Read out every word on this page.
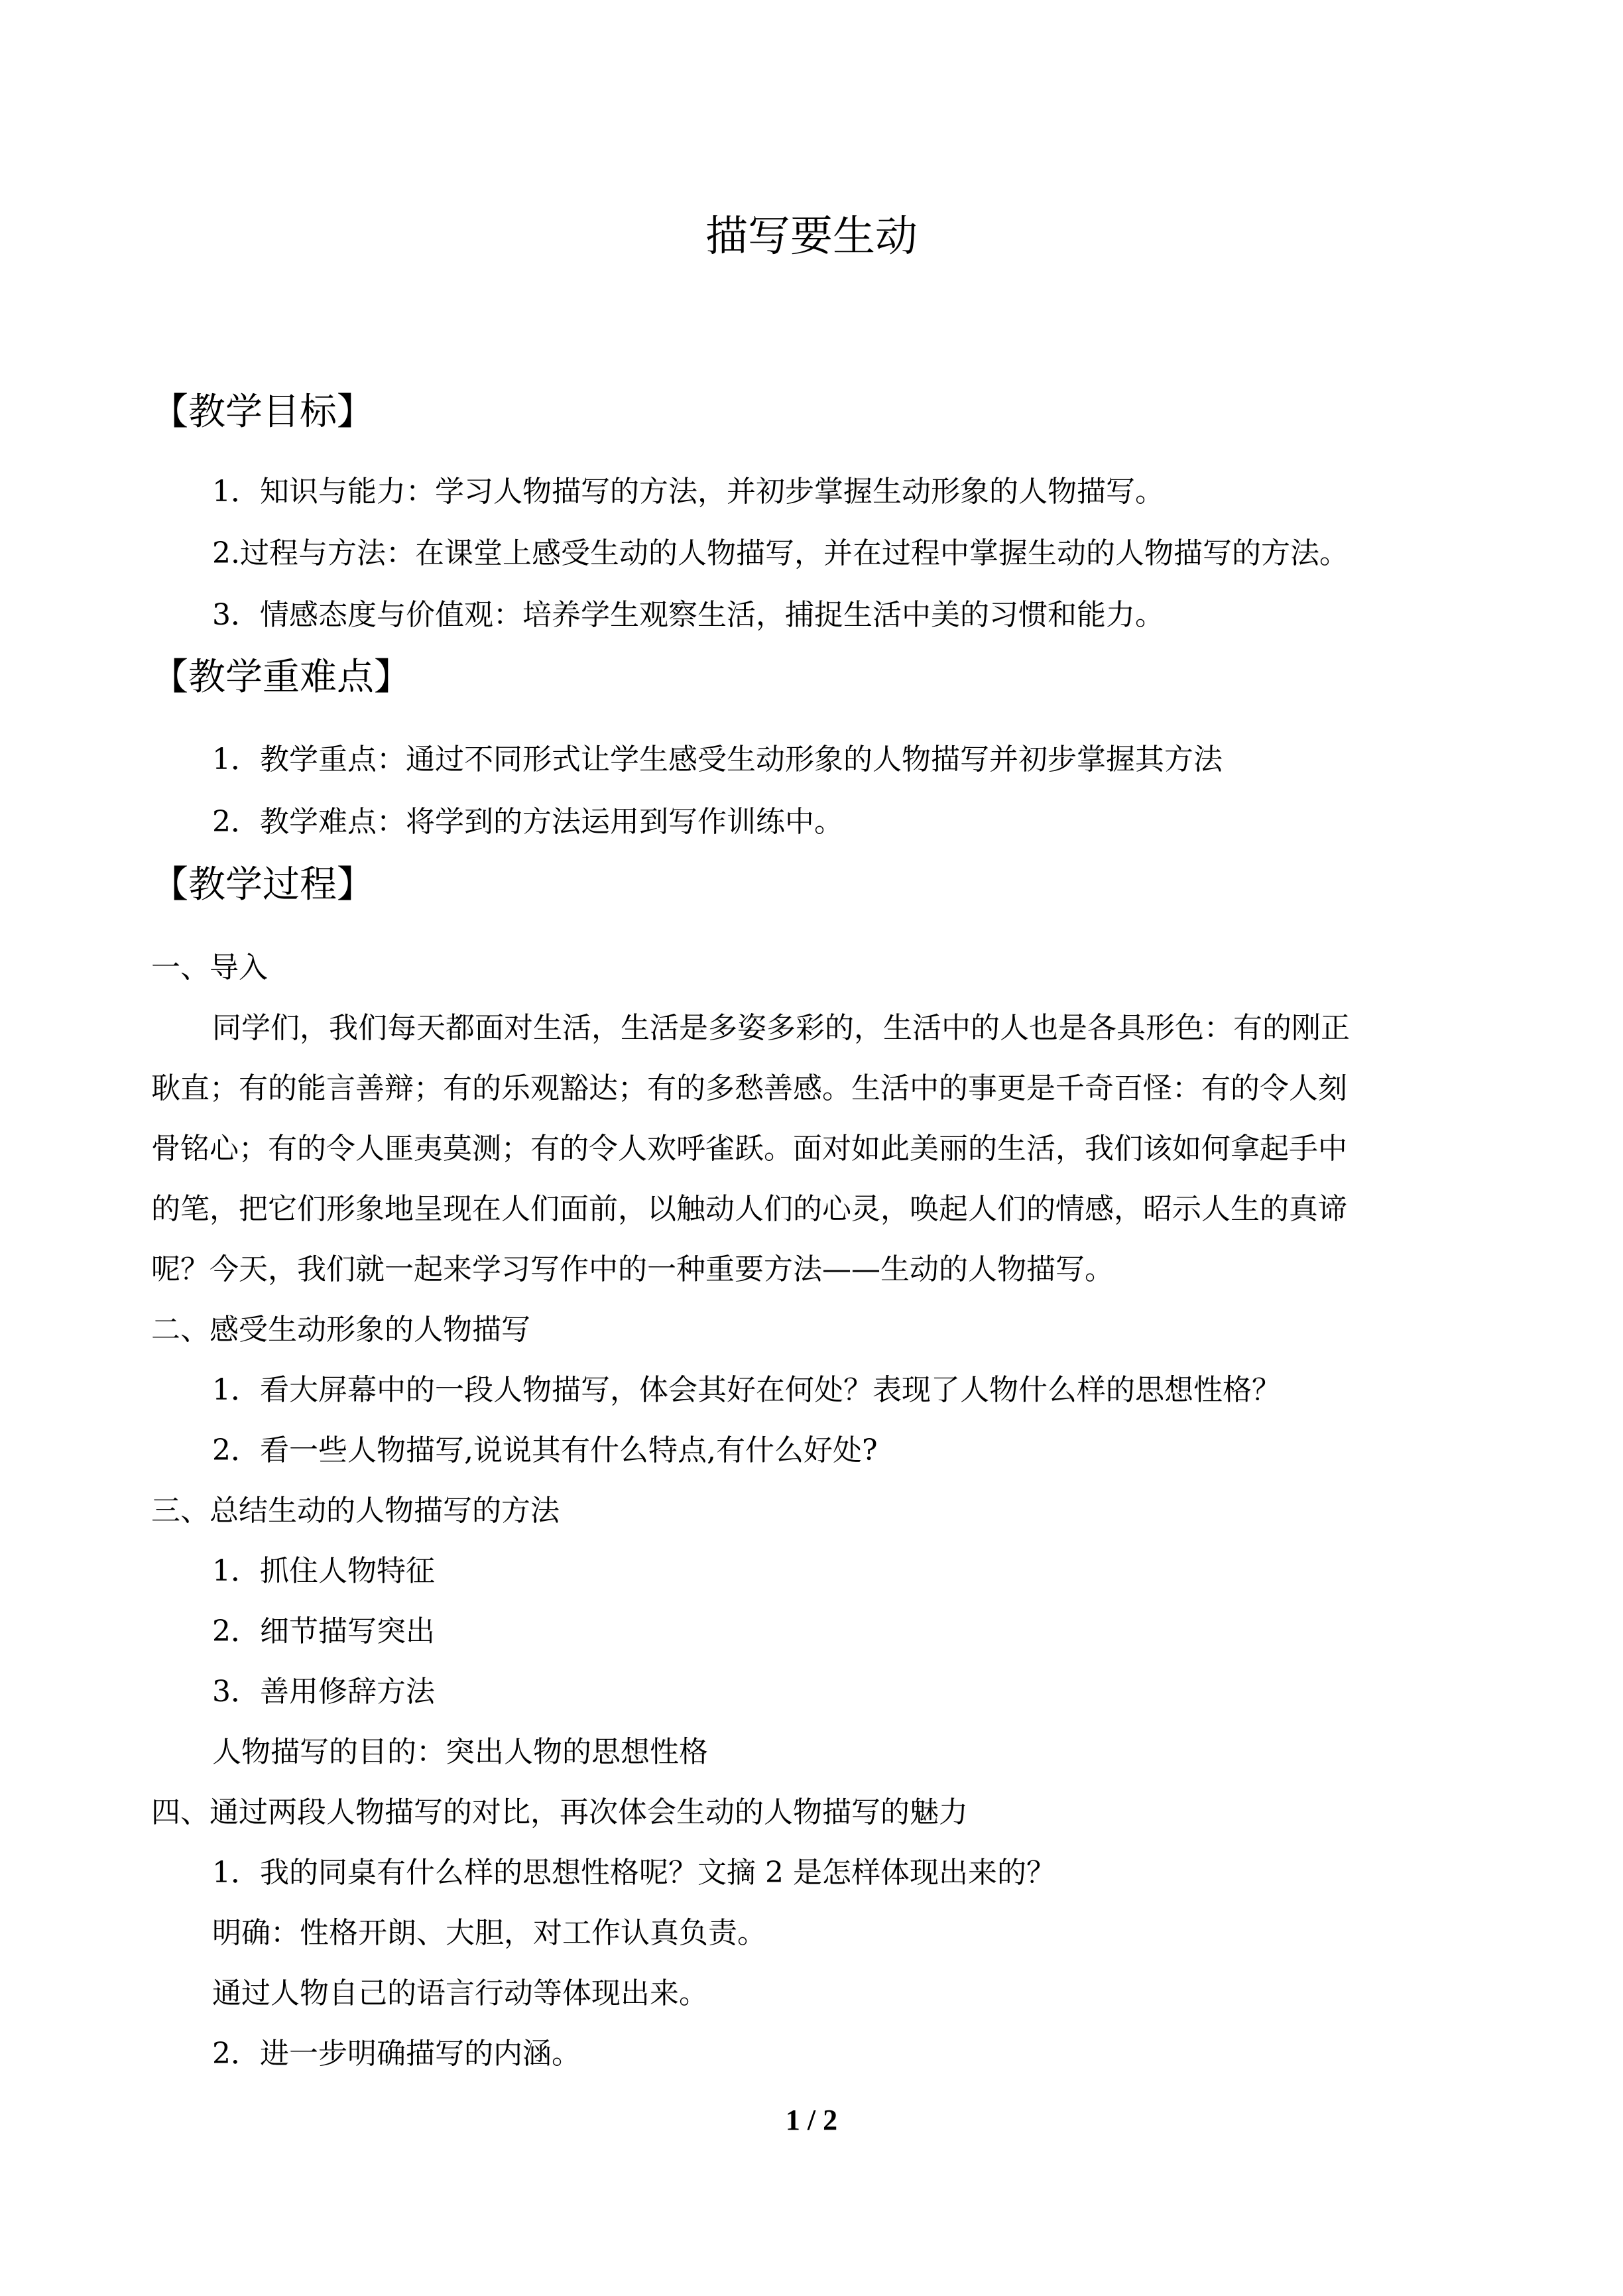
描写要生动
【教学目标】
1．知识与能力：学习人物描写的方法，并初步掌握生动形象的人物描写。
2.过程与方法：在课堂上感受生动的人物描写，并在过程中掌握生动的人物描写的方法。
3．情感态度与价值观：培养学生观察生活，捕捉生活中美的习惯和能力。
【教学重难点】
1．教学重点：通过不同形式让学生感受生动形象的人物描写并初步掌握其方法
2．教学难点：将学到的方法运用到写作训练中。
【教学过程】
一、导入
同学们，我们每天都面对生活，生活是多姿多彩的，生活中的人也是各具形色：有的刚正
耿直；有的能言善辩；有的乐观豁达；有的多愁善感。生活中的事更是千奇百怪：有的令人刻
骨铭心；有的令人匪夷莫测；有的令人欢呼雀跃。面对如此美丽的生活，我们该如何拿起手中
的笔，把它们形象地呈现在人们面前，以触动人们的心灵，唤起人们的情感，昭示人生的真谛
呢？今天，我们就一起来学习写作中的一种重要方法——生动的人物描写。
二、感受生动形象的人物描写
1．看大屏幕中的一段人物描写，体会其好在何处？表现了人物什么样的思想性格？
2．看一些人物描写,说说其有什么特点,有什么好处?
三、总结生动的人物描写的方法
1．抓住人物特征
2．细节描写突出
3．善用修辞方法
人物描写的目的：突出人物的思想性格
四、通过两段人物描写的对比，再次体会生动的人物描写的魅力
1．我的同桌有什么样的思想性格呢？文摘 2 是怎样体现出来的？
明确：性格开朗、大胆，对工作认真负责。
通过人物自己的语言行动等体现出来。
2．进一步明确描写的内涵。
1 / 2
